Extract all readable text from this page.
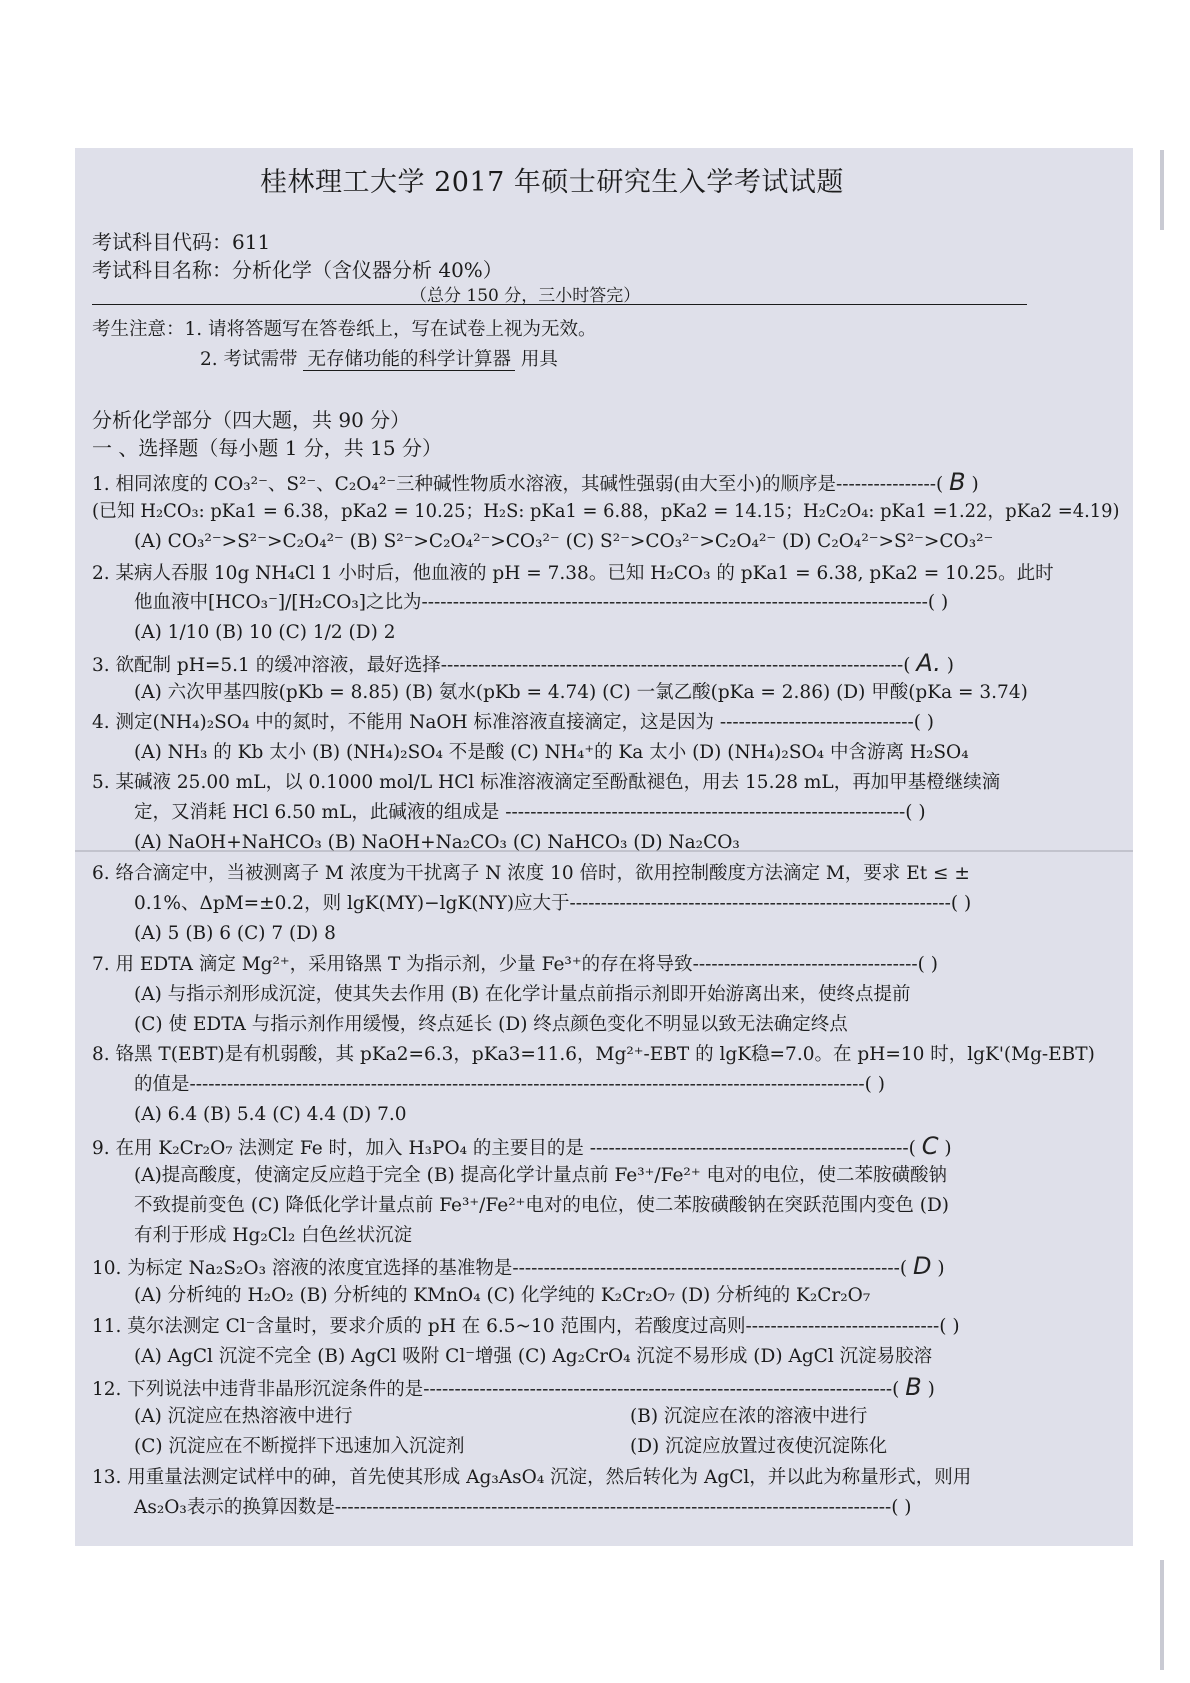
桂林理工大学 2017 年硕士研究生入学考试试题
考试科目代码：611
考试科目名称：分析化学（含仪器分析 40%）
（总分 150 分，三小时答完）
考生注意：1. 请将答题写在答卷纸上，写在试卷上视为无效。
2. 考试需带 无存储功能的科学计算器 用具
分析化学部分（四大题，共 90 分）
一 、选择题（每小题 1 分，共 15 分）
1. 相同浓度的 CO₃²⁻、S²⁻、C₂O₄²⁻三种碱性物质水溶液，其碱性强弱(由大至小)的顺序是----------------( B )
(已知 H₂CO₃: pKa1 = 6.38，pKa2 = 10.25；H₂S: pKa1 = 6.88，pKa2 = 14.15；H₂C₂O₄: pKa1 =1.22，pKa2 =4.19)
(A) CO₃²⁻>S²⁻>C₂O₄²⁻ (B) S²⁻>C₂O₄²⁻>CO₃²⁻ (C) S²⁻>CO₃²⁻>C₂O₄²⁻ (D) C₂O₄²⁻>S²⁻>CO₃²⁻
2. 某病人吞服 10g NH₄Cl 1 小时后，他血液的 pH = 7.38。已知 H₂CO₃ 的 pKa1 = 6.38, pKa2 = 10.25。此时
他血液中[HCO₃⁻]/[H₂CO₃]之比为---------------------------------------------------------------------------------( )
(A) 1/10 (B) 10 (C) 1/2 (D) 2
3. 欲配制 pH=5.1 的缓冲溶液，最好选择--------------------------------------------------------------------------( A. )
(A) 六次甲基四胺(pKb = 8.85) (B) 氨水(pKb = 4.74) (C) 一氯乙酸(pKa = 2.86) (D) 甲酸(pKa = 3.74)
4. 测定(NH₄)₂SO₄ 中的氮时，不能用 NaOH 标准溶液直接滴定，这是因为 -------------------------------( )
(A) NH₃ 的 Kb 太小 (B) (NH₄)₂SO₄ 不是酸 (C) NH₄⁺的 Ka 太小 (D) (NH₄)₂SO₄ 中含游离 H₂SO₄
5. 某碱液 25.00 mL，以 0.1000 mol/L HCl 标准溶液滴定至酚酞褪色，用去 15.28 mL，再加甲基橙继续滴
定，又消耗 HCl 6.50 mL，此碱液的组成是 ----------------------------------------------------------------( )
(A) NaOH+NaHCO₃ (B) NaOH+Na₂CO₃ (C) NaHCO₃ (D) Na₂CO₃
6. 络合滴定中，当被测离子 M 浓度为干扰离子 N 浓度 10 倍时，欲用控制酸度方法滴定 M，要求 Et ≤ ±
0.1%、ΔpM=±0.2，则 lgK(MY)−lgK(NY)应大于-------------------------------------------------------------( )
(A) 5 (B) 6 (C) 7 (D) 8
7. 用 EDTA 滴定 Mg²⁺，采用铬黑 T 为指示剂，少量 Fe³⁺的存在将导致------------------------------------( )
(A) 与指示剂形成沉淀，使其失去作用 (B) 在化学计量点前指示剂即开始游离出来，使终点提前
(C) 使 EDTA 与指示剂作用缓慢，终点延长 (D) 终点颜色变化不明显以致无法确定终点
8. 铬黑 T(EBT)是有机弱酸，其 pKa2=6.3，pKa3=11.6，Mg²⁺-EBT 的 lgK稳=7.0。在 pH=10 时，lgK'(Mg-EBT)
的值是------------------------------------------------------------------------------------------------------------( )
(A) 6.4 (B) 5.4 (C) 4.4 (D) 7.0
9. 在用 K₂Cr₂O₇ 法测定 Fe 时，加入 H₃PO₄ 的主要目的是 ---------------------------------------------------( C )
(A)提高酸度，使滴定反应趋于完全 (B) 提高化学计量点前 Fe³⁺/Fe²⁺ 电对的电位，使二苯胺磺酸钠
不致提前变色 (C) 降低化学计量点前 Fe³⁺/Fe²⁺电对的电位，使二苯胺磺酸钠在突跃范围内变色 (D)
有利于形成 Hg₂Cl₂ 白色丝状沉淀
10. 为标定 Na₂S₂O₃ 溶液的浓度宜选择的基准物是--------------------------------------------------------------( D )
(A) 分析纯的 H₂O₂ (B) 分析纯的 KMnO₄ (C) 化学纯的 K₂Cr₂O₇ (D) 分析纯的 K₂Cr₂O₇
11. 莫尔法测定 Cl⁻含量时，要求介质的 pH 在 6.5~10 范围内，若酸度过高则-------------------------------( )
(A) AgCl 沉淀不完全 (B) AgCl 吸附 Cl⁻增强 (C) Ag₂CrO₄ 沉淀不易形成 (D) AgCl 沉淀易胶溶
12. 下列说法中违背非晶形沉淀条件的是---------------------------------------------------------------------------( B )
(A) 沉淀应在热溶液中进行	(B) 沉淀应在浓的溶液中进行
(C) 沉淀应在不断搅拌下迅速加入沉淀剂	(D) 沉淀应放置过夜使沉淀陈化
13. 用重量法测定试样中的砷，首先使其形成 Ag₃AsO₄ 沉淀，然后转化为 AgCl，并以此为称量形式，则用
As₂O₃表示的换算因数是-----------------------------------------------------------------------------------------( )
